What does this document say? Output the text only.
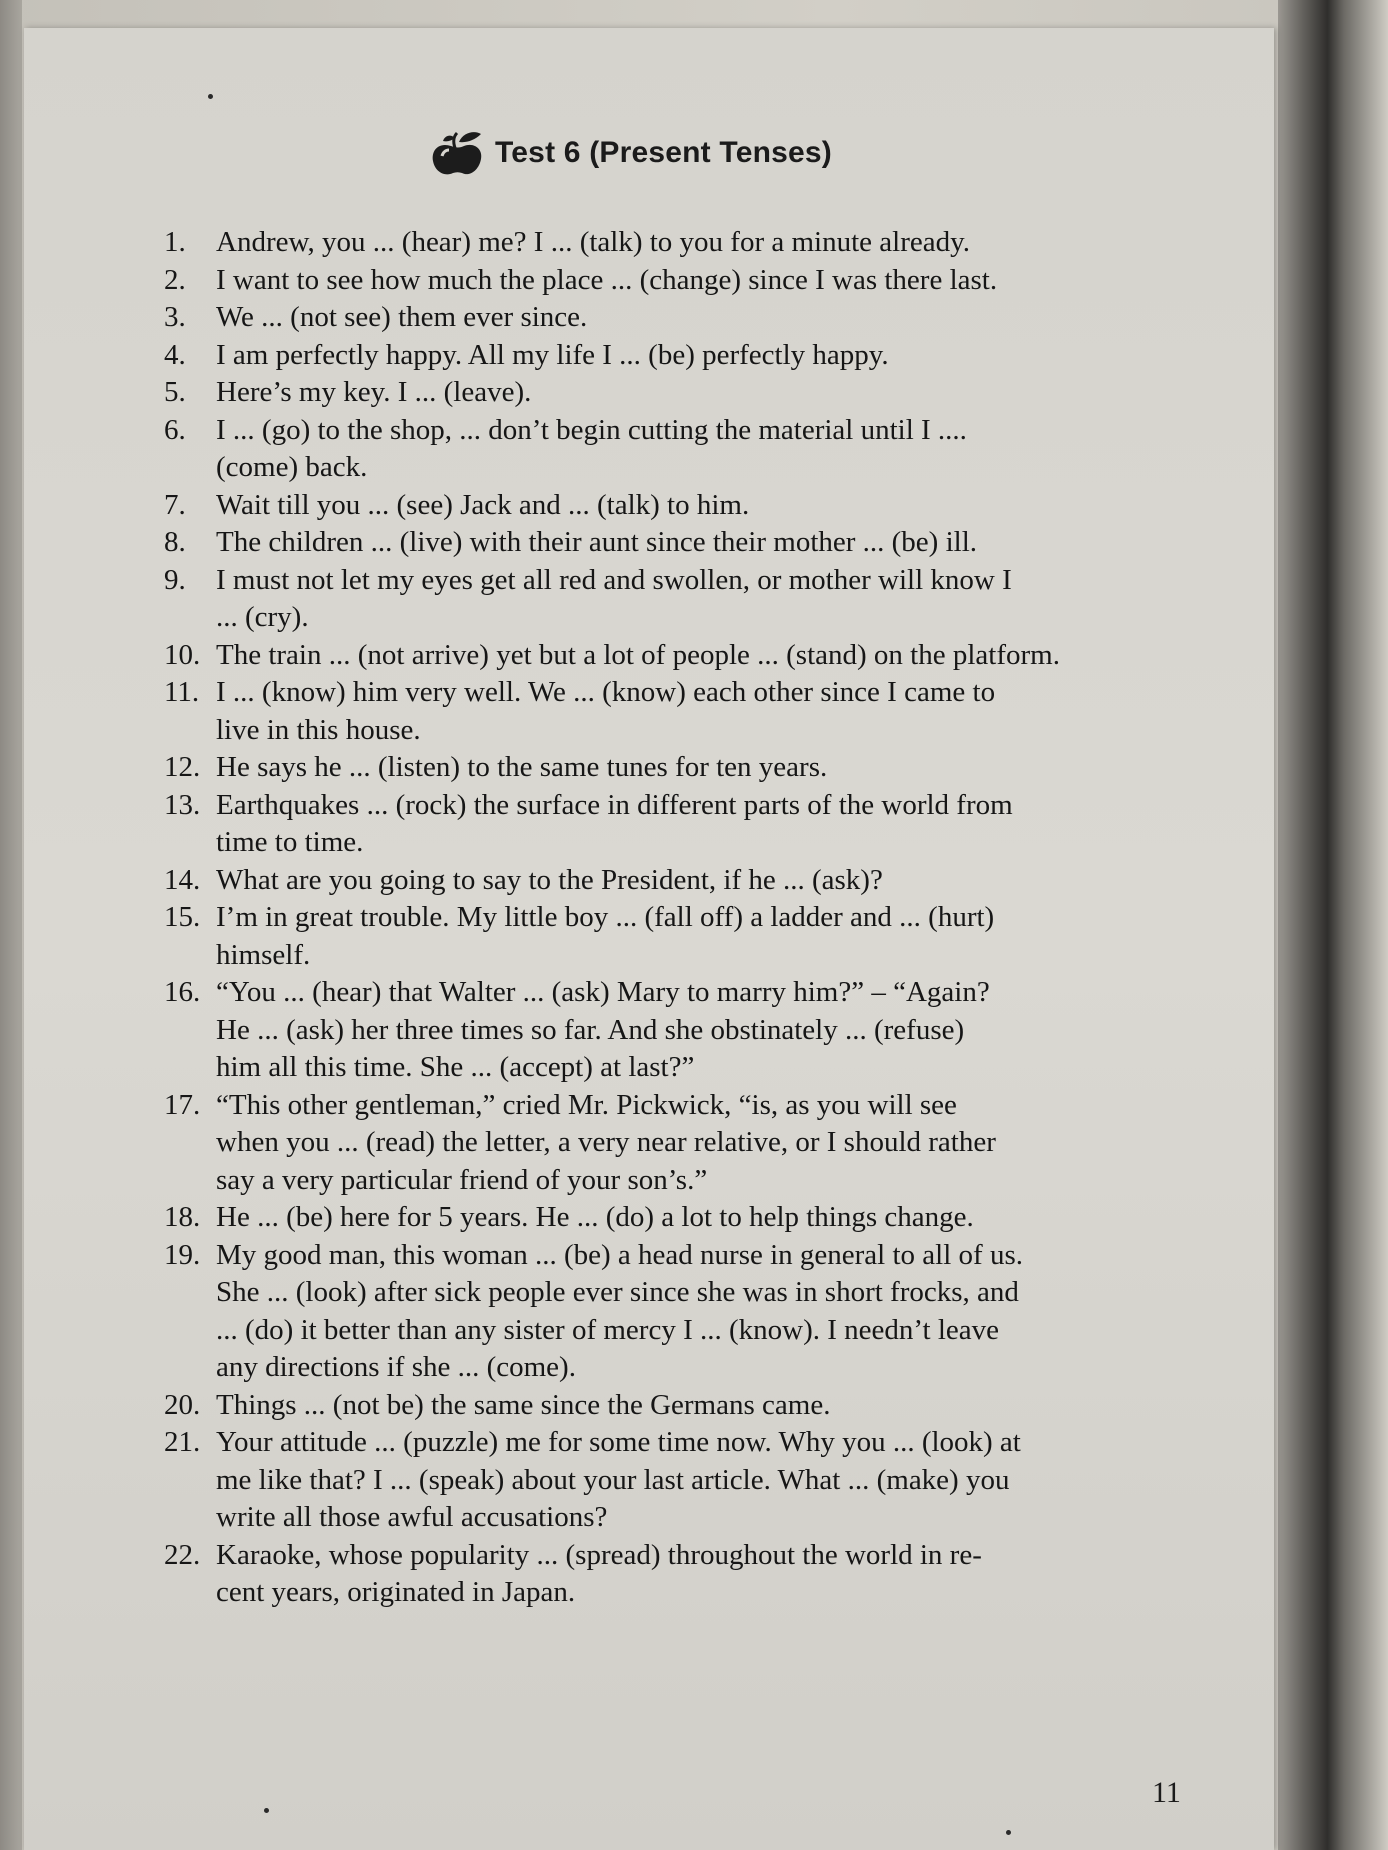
Test 6 (Present Tenses)
1.	Andrew, you ... (hear) me? I ... (talk) to you for a minute already.
2.	I want to see how much the place ... (change) since I was there last.
3.	We ... (not see) them ever since.
4.	I am perfectly happy. All my life I ... (be) perfectly happy.
5.	Here’s my key. I ... (leave).
6.	I ... (go) to the shop, ... don’t begin cutting the material until I ....
(come) back.
7.	Wait till you ... (see) Jack and ... (talk) to him.
8.	The children ... (live) with their aunt since their mother ... (be) ill.
9.	I must not let my eyes get all red and swollen, or mother will know I
... (cry).
10. The train ... (not arrive) yet but a lot of people ... (stand) on the platform.
11. I ... (know) him very well. We ... (know) each other since I came to
live in this house.
12. He says he ... (listen) to the same tunes for ten years.
13. Earthquakes ... (rock) the surface in different parts of the world from
time to time.
14. What are you going to say to the President, if he ... (ask)?
15. I’m in great trouble. My little boy ... (fall off) a ladder and ... (hurt)
himself.
16. “You ... (hear) that Walter ... (ask) Mary to marry him?” – “Again?
He ... (ask) her three times so far. And she obstinately ... (refuse)
him all this time. She ... (accept) at last?”
17. “This other gentleman,” cried Mr. Pickwick, “is, as you will see
when you ... (read) the letter, a very near relative, or I should rather
say a very particular friend of your son’s.”
18. He ... (be) here for 5 years. He ... (do) a lot to help things change.
19. My good man, this woman ... (be) a head nurse in general to all of us.
She ... (look) after sick people ever since she was in short frocks, and
... (do) it better than any sister of mercy I ... (know). I needn’t leave
any directions if she ... (come).
20. Things ... (not be) the same since the Germans came.
21. Your attitude ... (puzzle) me for some time now. Why you ... (look) at
me like that? I ... (speak) about your last article. What ... (make) you
write all those awful accusations?
22. Karaoke, whose popularity ... (spread) throughout the world in re-
cent years, originated in Japan.
11
